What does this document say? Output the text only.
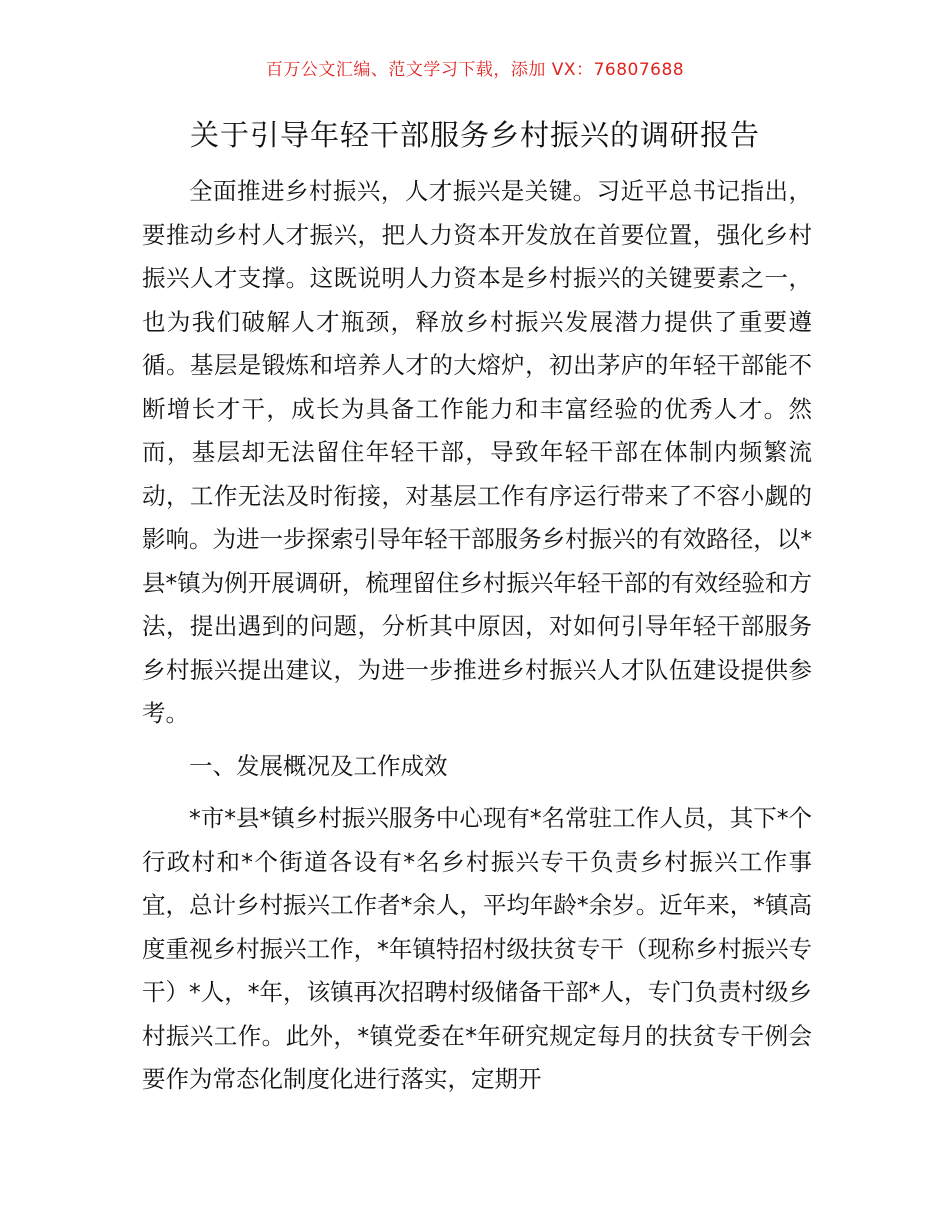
百万公文汇编、范文学习下载，添加 VX：76807688
关于引导年轻干部服务乡村振兴的调研报告

全面推进乡村振兴，人才振兴是关键。习近平总书记指出，要推动乡村人才振兴，把人力资本开发放在首要位置，强化乡村振兴人才支撑。这既说明人力资本是乡村振兴的关键要素之一，也为我们破解人才瓶颈，释放乡村振兴发展潜力提供了重要遵循。基层是锻炼和培养人才的大熔炉，初出茅庐的年轻干部能不断增长才干，成长为具备工作能力和丰富经验的优秀人才。然而，基层却无法留住年轻干部，导致年轻干部在体制内频繁流动，工作无法及时衔接，对基层工作有序运行带来了不容小觑的影响。为进一步探索引导年轻干部服务乡村振兴的有效路径，以*县*镇为例开展调研，梳理留住乡村振兴年轻干部的有效经验和方法，提出遇到的问题，分析其中原因，对如何引导年轻干部服务乡村振兴提出建议，为进一步推进乡村振兴人才队伍建设提供参考。

一、发展概况及工作成效

*市*县*镇乡村振兴服务中心现有*名常驻工作人员，其下*个行政村和*个街道各设有*名乡村振兴专干负责乡村振兴工作事宜，总计乡村振兴工作者*余人，平均年龄*余岁。近年来，*镇高度重视乡村振兴工作，*年镇特招村级扶贫专干（现称乡村振兴专干）*人，*年，该镇再次招聘村级储备干部*人，专门负责村级乡村振兴工作。此外，*镇党委在*年研究规定每月的扶贫专干例会要作为常态化制度化进行落实，定期开
